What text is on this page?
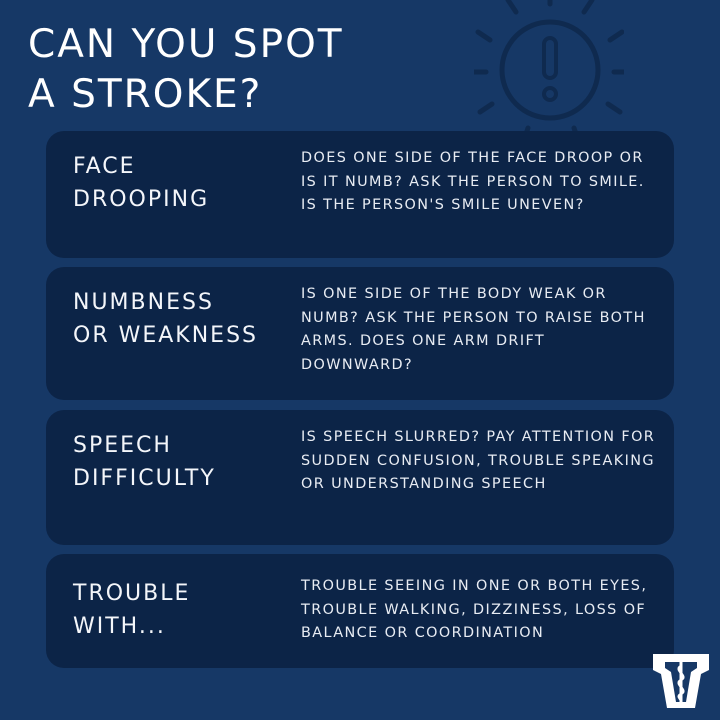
CAN YOU SPOT
A STROKE?
FACE
DROOPING
DOES ONE SIDE OF THE FACE DROOP OR IS IT NUMB? ASK THE PERSON TO SMILE. IS THE PERSON'S SMILE UNEVEN?
NUMBNESS
OR WEAKNESS
IS ONE SIDE OF THE BODY WEAK OR NUMB? ASK THE PERSON TO RAISE BOTH ARMS. DOES ONE ARM DRIFT DOWNWARD?
SPEECH
DIFFICULTY
IS SPEECH SLURRED? PAY ATTENTION FOR SUDDEN CONFUSION, TROUBLE SPEAKING OR UNDERSTANDING SPEECH
TROUBLE
WITH...
TROUBLE SEEING IN ONE OR BOTH EYES, TROUBLE WALKING, DIZZINESS, LOSS OF BALANCE OR COORDINATION
